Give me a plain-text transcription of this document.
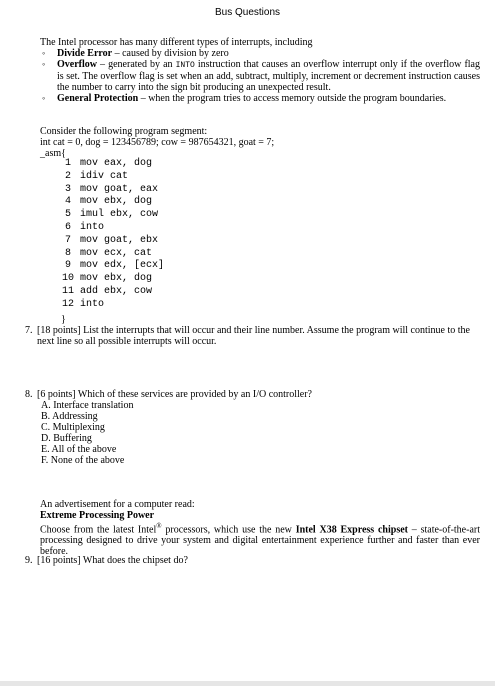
Bus Questions
The Intel processor has many different types of interrupts, including
◦ Divide Error – caused by division by zero
◦ Overflow – generated by an INTO instruction that causes an overflow interrupt only if the overflow flag is set. The overflow flag is set when an add, subtract, multiply, increment or decrement instruction causes the number to carry into the sign bit producing an unexpected result.
◦ General Protection – when the program tries to access memory outside the program boundaries.
Consider the following program segment:
int cat = 0, dog = 123456789; cow = 987654321, goat = 7;
_asm{
1 mov eax, dog
2 idiv cat
3 mov goat, eax
4 mov ebx, dog
5 imul ebx, cow
6 into
7 mov goat, ebx
8 mov ecx, cat
9 mov edx, [ecx]
10 mov ebx, dog
11 add ebx, cow
12 into
}
7. [18 points] List the interrupts that will occur and their line number. Assume the program will continue to the next line so all possible interrupts will occur.
8. [6 points] Which of these services are provided by an I/O controller?
A. Interface translation
B. Addressing
C. Multiplexing
D. Buffering
E. All of the above
F. None of the above
An advertisement for a computer read:
Extreme Processing Power
Choose from the latest Intel® processors, which use the new Intel X38 Express chipset – state-of-the-art processing designed to drive your system and digital entertainment experience further and faster than ever before.
9. [16 points] What does the chipset do?
